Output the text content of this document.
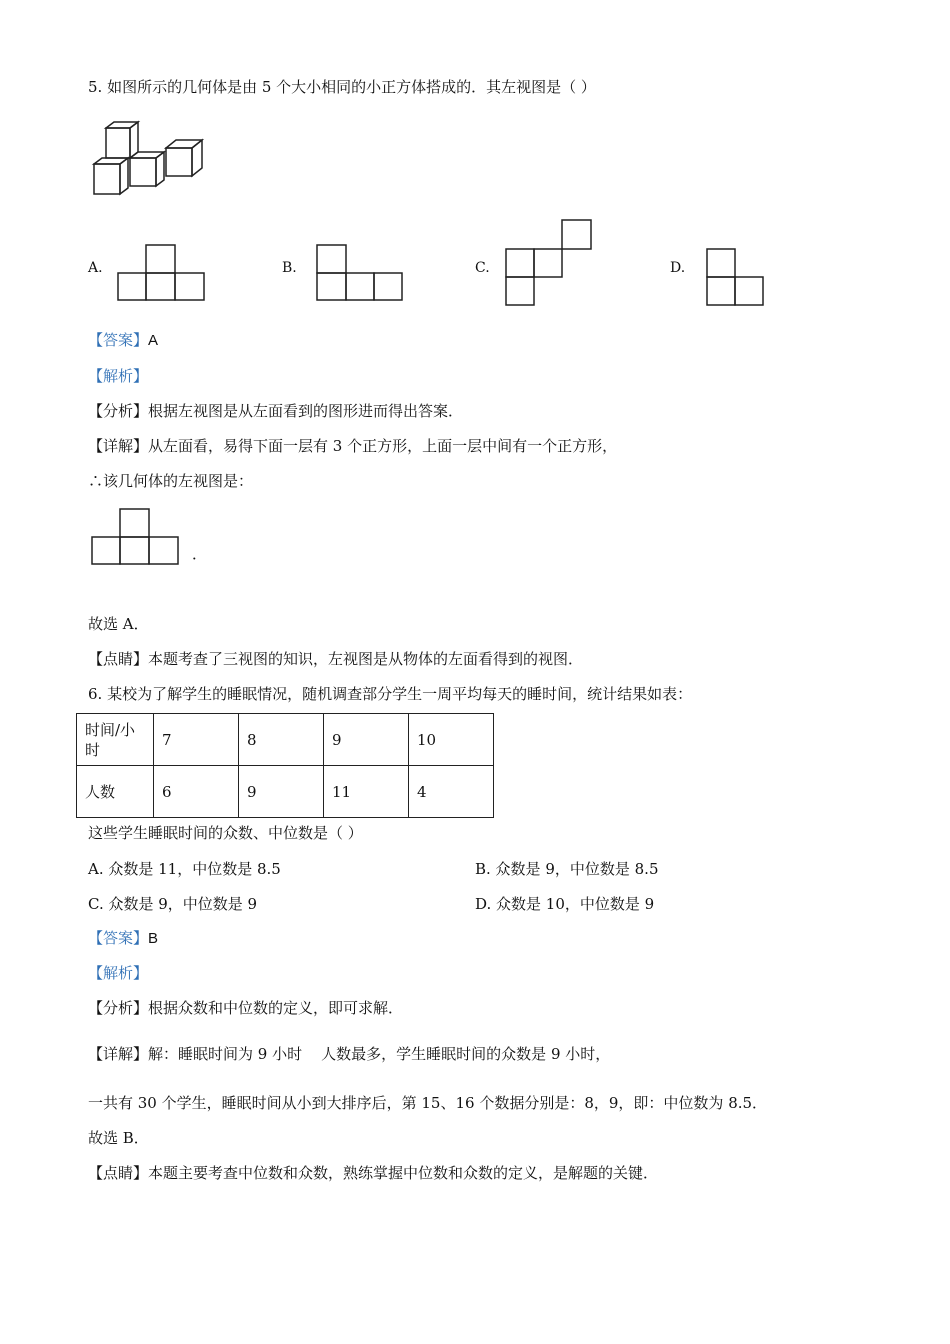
5. 如图所示的几何体是由 5 个大小相同的小正方体搭成的．其左视图是（ ）
A.	B.	C.	D.
【答案】A
【解析】
【分析】根据左视图是从左面看到的图形进而得出答案．
【详解】从左面看，易得下面一层有 3 个正方形，上面一层中间有一个正方形，
∴该几何体的左视图是：
．
故选 A．
【点睛】本题考查了三视图的知识，左视图是从物体的左面看得到的视图．
6. 某校为了解学生的睡眠情况，随机调查部分学生一周平均每天的睡时间，统计结果如表：
时间/小时	7	8	9	10
人数	6	9	11	4
这些学生睡眠时间的众数、中位数是（ ）
A. 众数是 11，中位数是 8.5	B. 众数是 9，中位数是 8.5
C. 众数是 9，中位数是 9	D. 众数是 10，中位数是 9
【答案】B
【解析】
【分析】根据众数和中位数的定义，即可求解．
【详解】解：睡眠时间为 9 小时    人数最多，学生睡眠时间的众数是 9 小时，
一共有 30 个学生，睡眠时间从小到大排序后，第 15、16 个数据分别是：8，9，即：中位数为 8.5．
故选 B．
【点睛】本题主要考查中位数和众数，熟练掌握中位数和众数的定义，是解题的关键．
